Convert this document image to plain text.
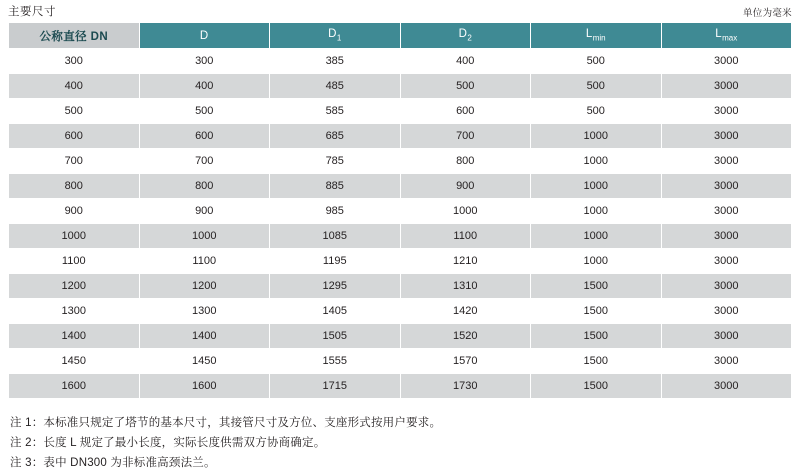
主要尺寸	单位为毫米
公称直径 DN	D	$D_1$	$D_2$	$L_{min}$	$L_{max}$
300	300	385	400	500	3000
400	400	485	500	500	3000
500	500	585	600	500	3000
600	600	685	700	1000	3000
700	700	785	800	1000	3000
800	800	885	900	1000	3000
900	900	985	1000	1000	3000
1000	1000	1085	1100	1000	3000
1100	1100	1195	1210	1000	3000
1200	1200	1295	1310	1500	3000
1300	1300	1405	1420	1500	3000
1400	1400	1505	1520	1500	3000
1450	1450	1555	1570	1500	3000
1600	1600	1715	1730	1500	3000
注 1：本标准只规定了塔节的基本尺寸，其接管尺寸及方位、支座形式按用户要求。
注 2：长度 L 规定了最小长度，实际长度供需双方协商确定。
注 3：表中 DN300 为非标准高颈法兰。
